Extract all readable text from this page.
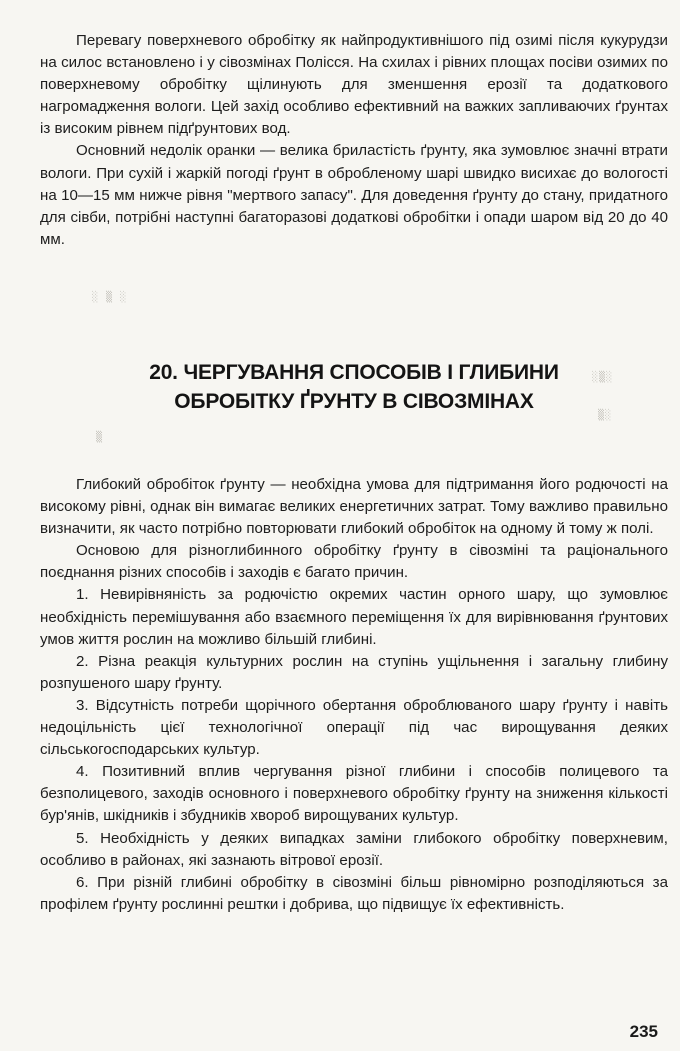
Перевагу поверхневого обробітку як найпродуктивнішого під озимі після кукурудзи на силос встановлено і у сівозмінах Полісся. На схилах і рівних площах посіви озимих по поверхневому обробітку щілинують для зменшення ерозії та додаткового нагромадження вологи. Цей захід особливо ефективний на важких запливаючих ґрунтах із високим рівнем підґрунтових вод.

Основний недолік оранки — велика бриластість ґрунту, яка зумовлює значні втрати вологи. При сухій і жаркій погоді ґрунт в обробленому шарі швидко висихає до вологості на 10—15 мм нижче рівня "мертвого запасу". Для доведення ґрунту до стану, придатного для сівби, потрібні наступні багаторазові додаткові обробітки і опади шаром від 20 до 40 мм.

░ ▒ ░
▒
░▒░
▒░
20. ЧЕРГУВАННЯ СПОСОБІВ І ГЛИБИНИ
ОБРОБІТКУ ҐРУНТУ В СІВОЗМІНАХ

Глибокий обробіток ґрунту — необхідна умова для підтримання його родючості на високому рівні, однак він вимагає великих енергетичних затрат. Тому важливо правильно визначити, як часто потрібно повторювати глибокий обробіток на одному й тому ж полі.

Основою для різноглибинного обробітку ґрунту в сівозміні та раціонального поєднання різних способів і заходів є багато причин.

1. Невирівняність за родючістю окремих частин орного шару, що зумовлює необхідність перемішування або взаємного переміщення їх для вирівнювання ґрунтових умов життя рослин на можливо більшій глибині.

2. Різна реакція культурних рослин на ступінь ущільнення і загальну глибину розпушеного шару ґрунту.

3. Відсутність потреби щорічного обертання оброблюваного шару ґрунту і навіть недоцільність цієї технологічної операції під час вирощування деяких сільськогосподарських культур.

4. Позитивний вплив чергування різної глибини і способів полицевого та безполицевого, заходів основного і поверхневого обробітку ґрунту на зниження кількості бур'янів, шкідників і збудників хвороб вирощуваних культур.

5. Необхідність у деяких випадках заміни глибокого обробітку поверхневим, особливо в районах, які зазнають вітрової ерозії.

6. При різній глибині обробітку в сівозміні більш рівномірно розподіляються за профілем ґрунту рослинні рештки і добрива, що підвищує їх ефективність.

235
